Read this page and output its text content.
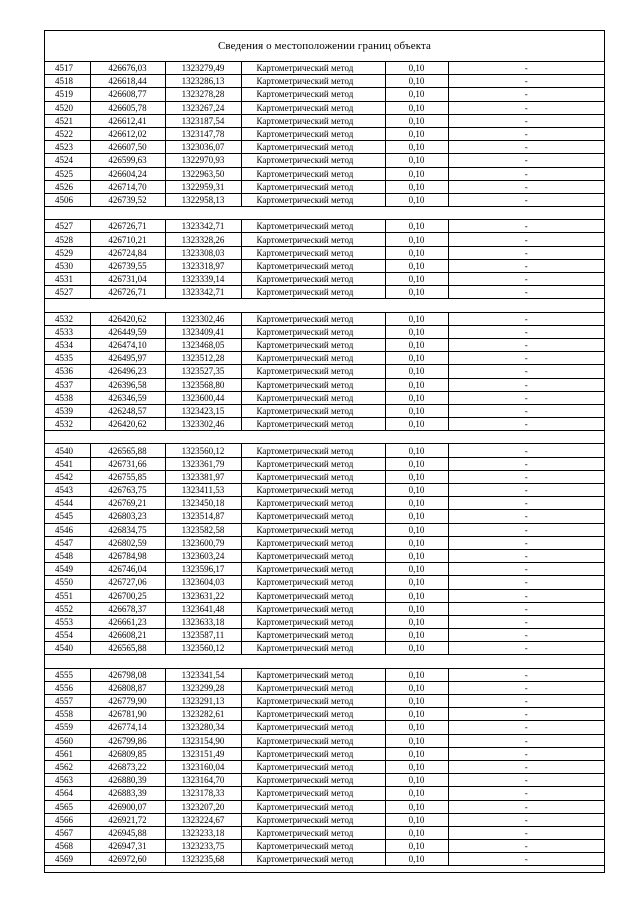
Сведения о местоположении границ объекта
4517	426676,03	1323279,49	Картометрический метод	0,10	-
4518	426618,44	1323286,13	Картометрический метод	0,10	-
4519	426608,77	1323278,28	Картометрический метод	0,10	-
4520	426605,78	1323267,24	Картометрический метод	0,10	-
4521	426612,41	1323187,54	Картометрический метод	0,10	-
4522	426612,02	1323147,78	Картометрический метод	0,10	-
4523	426607,50	1323036,07	Картометрический метод	0,10	-
4524	426599,63	1322970,93	Картометрический метод	0,10	-
4525	426604,24	1322963,50	Картометрический метод	0,10	-
4526	426714,70	1322959,31	Картометрический метод	0,10	-
4506	426739,52	1322958,13	Картометрический метод	0,10	-

4527	426726,71	1323342,71	Картометрический метод	0,10	-
4528	426710,21	1323328,26	Картометрический метод	0,10	-
4529	426724,84	1323308,03	Картометрический метод	0,10	-
4530	426739,55	1323318,97	Картометрический метод	0,10	-
4531	426731,04	1323339,14	Картометрический метод	0,10	-
4527	426726,71	1323342,71	Картометрический метод	0,10	-

4532	426420,62	1323302,46	Картометрический метод	0,10	-
4533	426449,59	1323409,41	Картометрический метод	0,10	-
4534	426474,10	1323468,05	Картометрический метод	0,10	-
4535	426495,97	1323512,28	Картометрический метод	0,10	-
4536	426496,23	1323527,35	Картометрический метод	0,10	-
4537	426396,58	1323568,80	Картометрический метод	0,10	-
4538	426346,59	1323600,44	Картометрический метод	0,10	-
4539	426248,57	1323423,15	Картометрический метод	0,10	-
4532	426420,62	1323302,46	Картометрический метод	0,10	-

4540	426565,88	1323560,12	Картометрический метод	0,10	-
4541	426731,66	1323361,79	Картометрический метод	0,10	-
4542	426755,85	1323381,97	Картометрический метод	0,10	-
4543	426763,75	1323411,53	Картометрический метод	0,10	-
4544	426769,21	1323450,18	Картометрический метод	0,10	-
4545	426803,23	1323514,87	Картометрический метод	0,10	-
4546	426834,75	1323582,58	Картометрический метод	0,10	-
4547	426802,59	1323600,79	Картометрический метод	0,10	-
4548	426784,98	1323603,24	Картометрический метод	0,10	-
4549	426746,04	1323596,17	Картометрический метод	0,10	-
4550	426727,06	1323604,03	Картометрический метод	0,10	-
4551	426700,25	1323631,22	Картометрический метод	0,10	-
4552	426678,37	1323641,48	Картометрический метод	0,10	-
4553	426661,23	1323633,18	Картометрический метод	0,10	-
4554	426608,21	1323587,11	Картометрический метод	0,10	-
4540	426565,88	1323560,12	Картометрический метод	0,10	-

4555	426798,08	1323341,54	Картометрический метод	0,10	-
4556	426808,87	1323299,28	Картометрический метод	0,10	-
4557	426779,90	1323291,13	Картометрический метод	0,10	-
4558	426781,90	1323282,61	Картометрический метод	0,10	-
4559	426774,14	1323280,34	Картометрический метод	0,10	-
4560	426799,86	1323154,90	Картометрический метод	0,10	-
4561	426809,85	1323151,49	Картометрический метод	0,10	-
4562	426873,22	1323160,04	Картометрический метод	0,10	-
4563	426880,39	1323164,70	Картометрический метод	0,10	-
4564	426883,39	1323178,33	Картометрический метод	0,10	-
4565	426900,07	1323207,20	Картометрический метод	0,10	-
4566	426921,72	1323224,67	Картометрический метод	0,10	-
4567	426945,88	1323233,18	Картометрический метод	0,10	-
4568	426947,31	1323233,75	Картометрический метод	0,10	-
4569	426972,60	1323235,68	Картометрический метод	0,10	-
